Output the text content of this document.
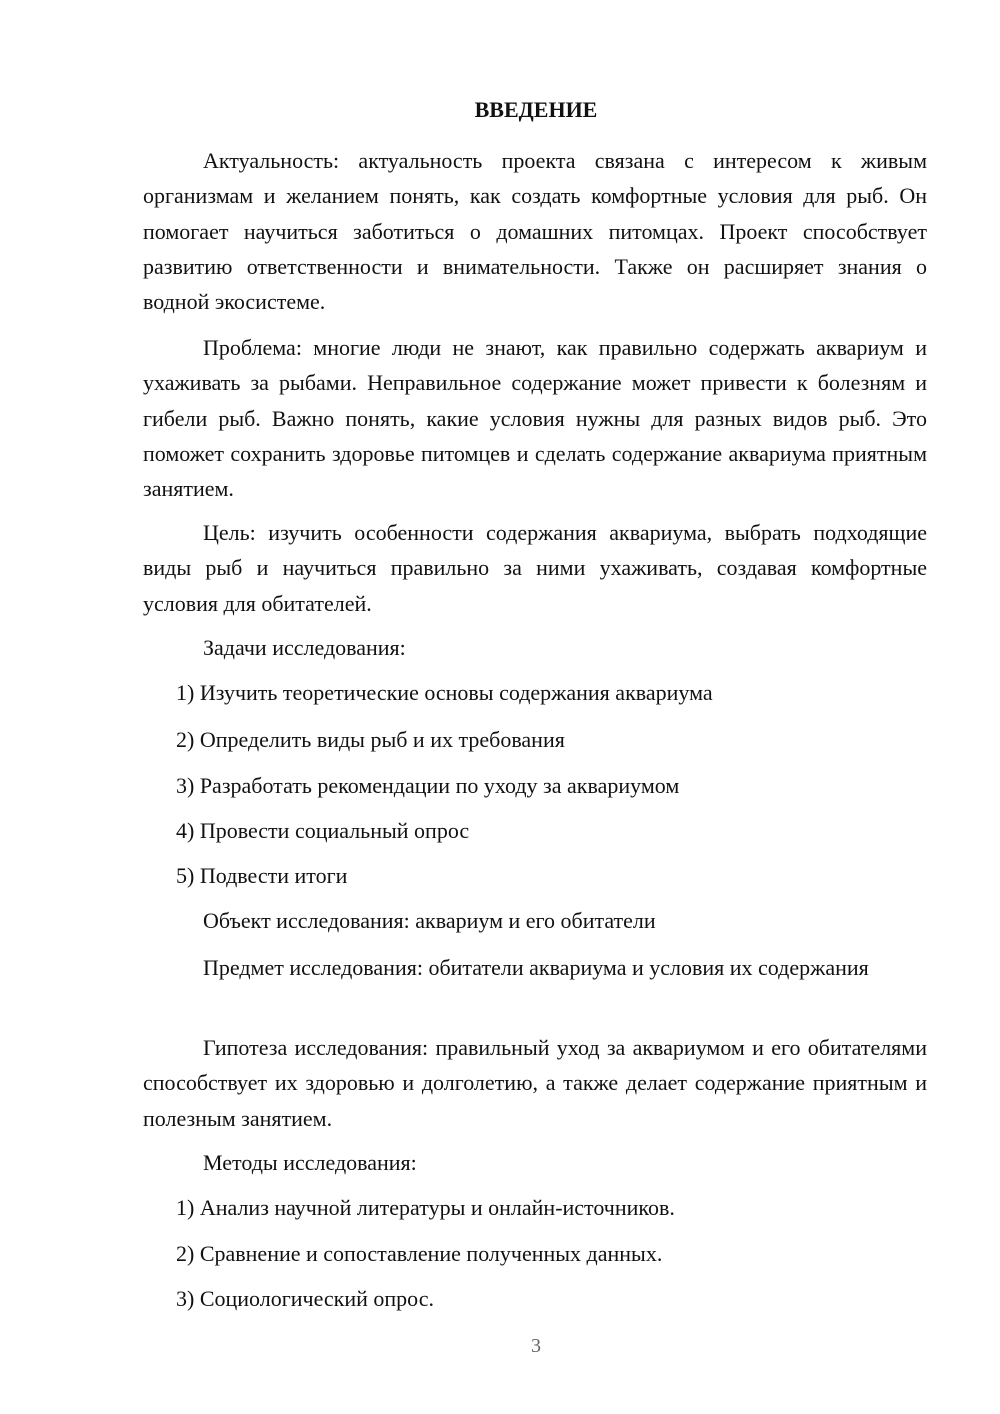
ВВЕДЕНИЕ

Актуальность: актуальность проекта связана с интересом к живым организмам и желанием понять, как создать комфортные условия для рыб. Он помогает научиться заботиться о домашних питомцах. Проект способствует развитию ответственности и внимательности. Также он расширяет знания о водной экосистеме.

Проблема: многие люди не знают, как правильно содержать аквариум и ухаживать за рыбами. Неправильное содержание может привести к болезням и гибели рыб. Важно понять, какие условия нужны для разных видов рыб. Это поможет сохранить здоровье питомцев и сделать содержание аквариума приятным занятием.

Цель: изучить особенности содержания аквариума, выбрать подходящие виды рыб и научиться правильно за ними ухаживать, создавая комфортные условия для обитателей.

Задачи исследования:

1) Изучить теоретические основы содержания аквариума

2) Определить виды рыб и их требования

3) Разработать рекомендации по уходу за аквариумом

4) Провести социальный опрос

5) Подвести итоги

Объект исследования: аквариум и его обитатели

Предмет исследования: обитатели аквариума и условия их содержания

Гипотеза исследования: правильный уход за аквариумом и его обитателями способствует их здоровью и долголетию, а также делает содержание приятным и полезным занятием.

Методы исследования:

1) Анализ научной литературы и онлайн-источников.

2) Сравнение и сопоставление полученных данных.

3) Социологический опрос.

3
